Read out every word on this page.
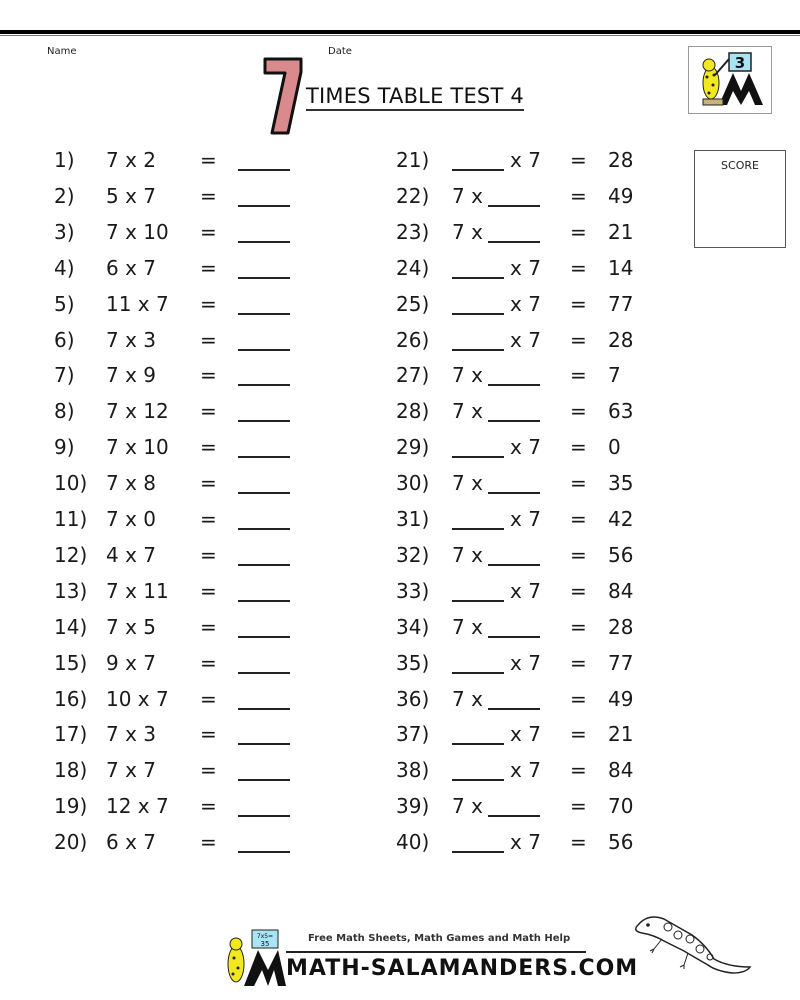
Name	Date
TIMES TABLE TEST 4
3
SCORE
1) 7 x 2 =
2) 5 x 7 =
3) 7 x 10 =
4) 6 x 7 =
5) 11 x 7 =
6) 7 x 3 =
7) 7 x 9 =
8) 7 x 12 =
9) 7 x 10 =
10) 7 x 8 =
11) 7 x 0 =
12) 4 x 7 =
13) 7 x 11 =
14) 7 x 5 =
15) 9 x 7 =
16) 10 x 7 =
17) 7 x 3 =
18) 7 x 7 =
19) 12 x 7 =
20) 6 x 7 =
21)	x 7 = 28
22) 7 x	= 49
23) 7 x	= 21
24)	x 7 = 14
25)	x 7 = 77
26)	x 7 = 28
27) 7 x	= 7
28) 7 x	= 63
29)	x 7 = 0
30) 7 x	= 35
31)	x 7 = 42
32) 7 x	= 56
33)	x 7 = 84
34) 7 x	= 28
35)	x 7 = 77
36) 7 x	= 49
37)	x 7 = 21
38)	x 7 = 84
39) 7 x	= 70
40)	x 7 = 56
Free Math Sheets, Math Games and Math Help
7x5=
35
MATH-SALAMANDERS.COM
